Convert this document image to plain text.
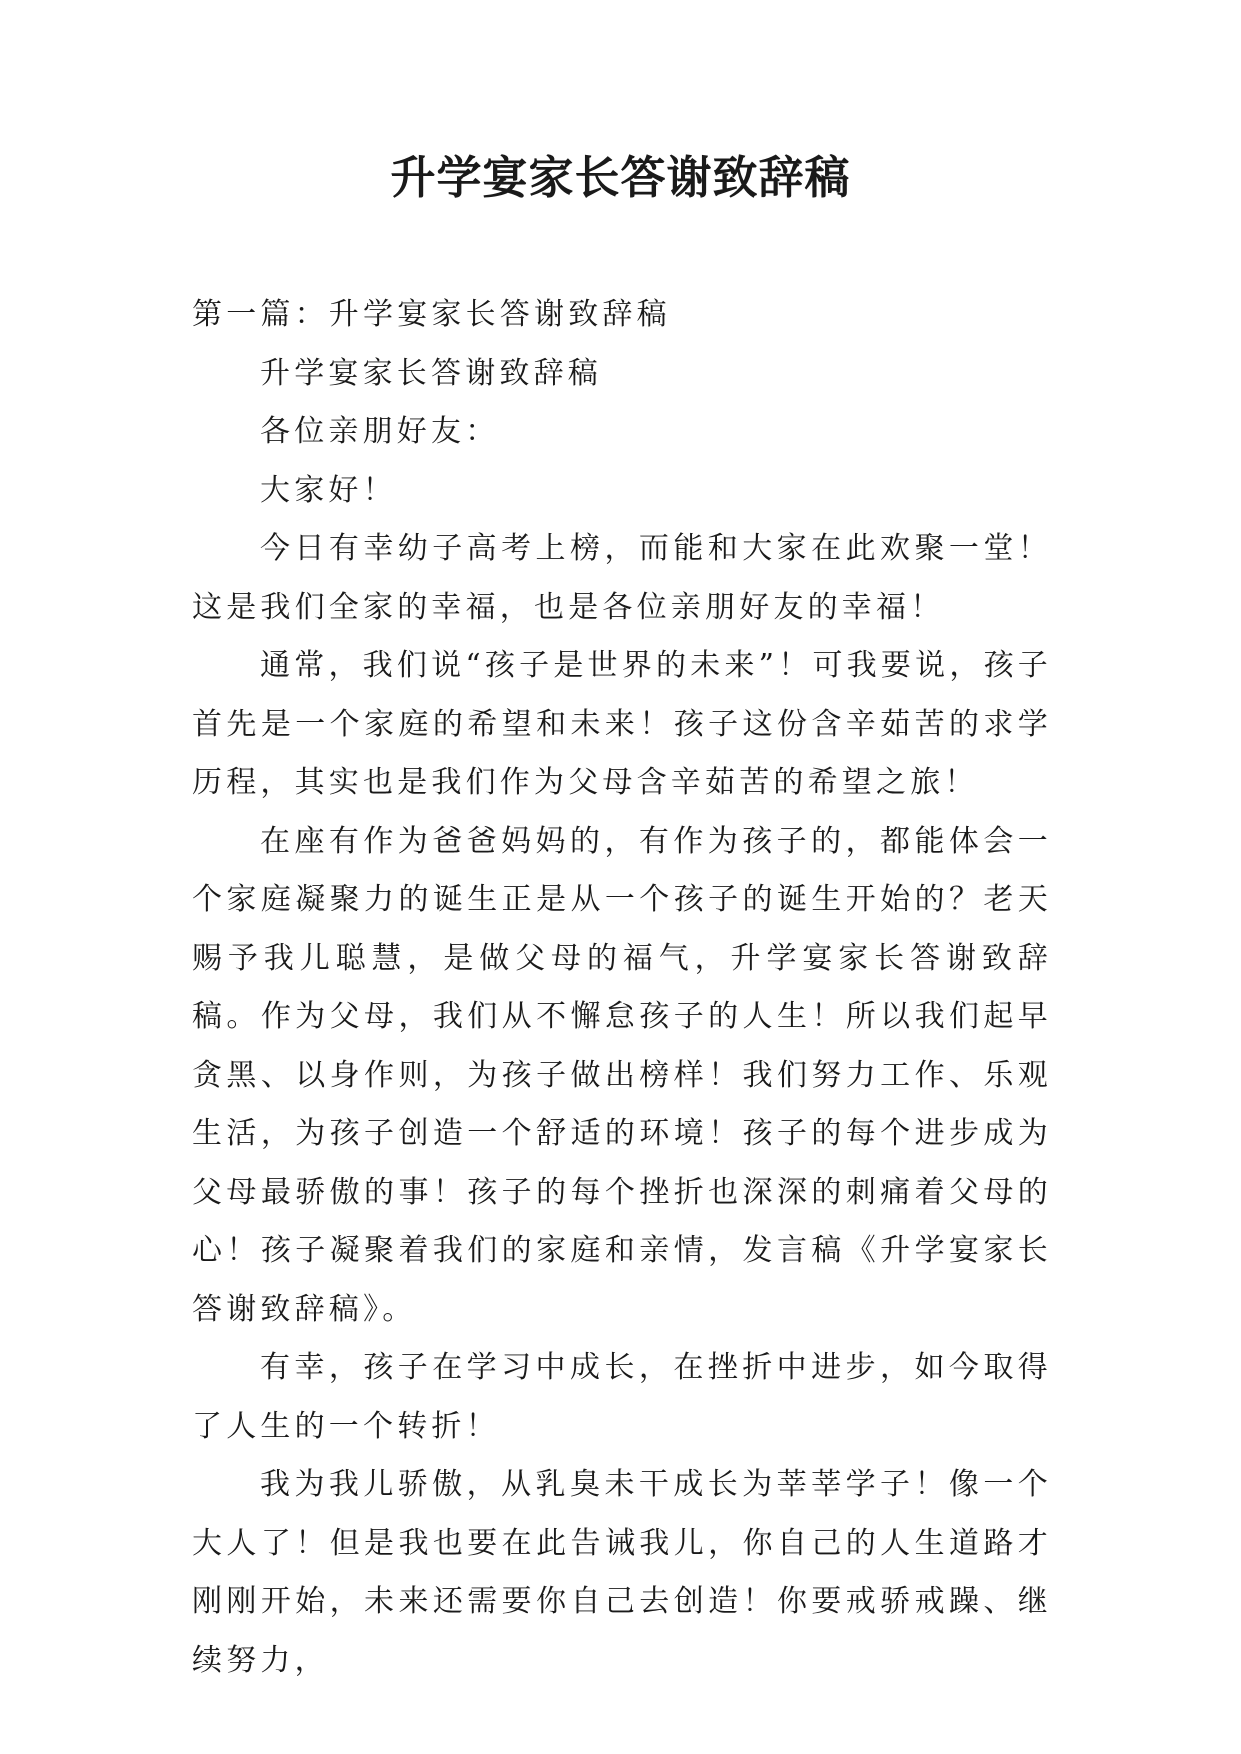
升学宴家长答谢致辞稿

第一篇：升学宴家长答谢致辞稿

升学宴家长答谢致辞稿

各位亲朋好友：

大家好！

今日有幸幼子高考上榜，而能和大家在此欢聚一堂！这是我们全家的幸福，也是各位亲朋好友的幸福！

通常，我们说“孩子是世界的未来”！可我要说，孩子首先是一个家庭的希望和未来！孩子这份含辛茹苦的求学历程，其实也是我们作为父母含辛茹苦的希望之旅！

在座有作为爸爸妈妈的，有作为孩子的，都能体会一个家庭凝聚力的诞生正是从一个孩子的诞生开始的？老天赐予我儿聪慧，是做父母的福气，升学宴家长答谢致辞稿。作为父母，我们从不懈怠孩子的人生！所以我们起早贪黑、以身作则，为孩子做出榜样！我们努力工作、乐观生活，为孩子创造一个舒适的环境！孩子的每个进步成为父母最骄傲的事！孩子的每个挫折也深深的刺痛着父母的心！孩子凝聚着我们的家庭和亲情，发言稿《升学宴家长答谢致辞稿》。

有幸，孩子在学习中成长，在挫折中进步，如今取得了人生的一个转折！

我为我儿骄傲，从乳臭未干成长为莘莘学子！像一个大人了！但是我也要在此告诫我儿，你自己的人生道路才刚刚开始，未来还需要你自己去创造！你要戒骄戒躁、继续努力，
